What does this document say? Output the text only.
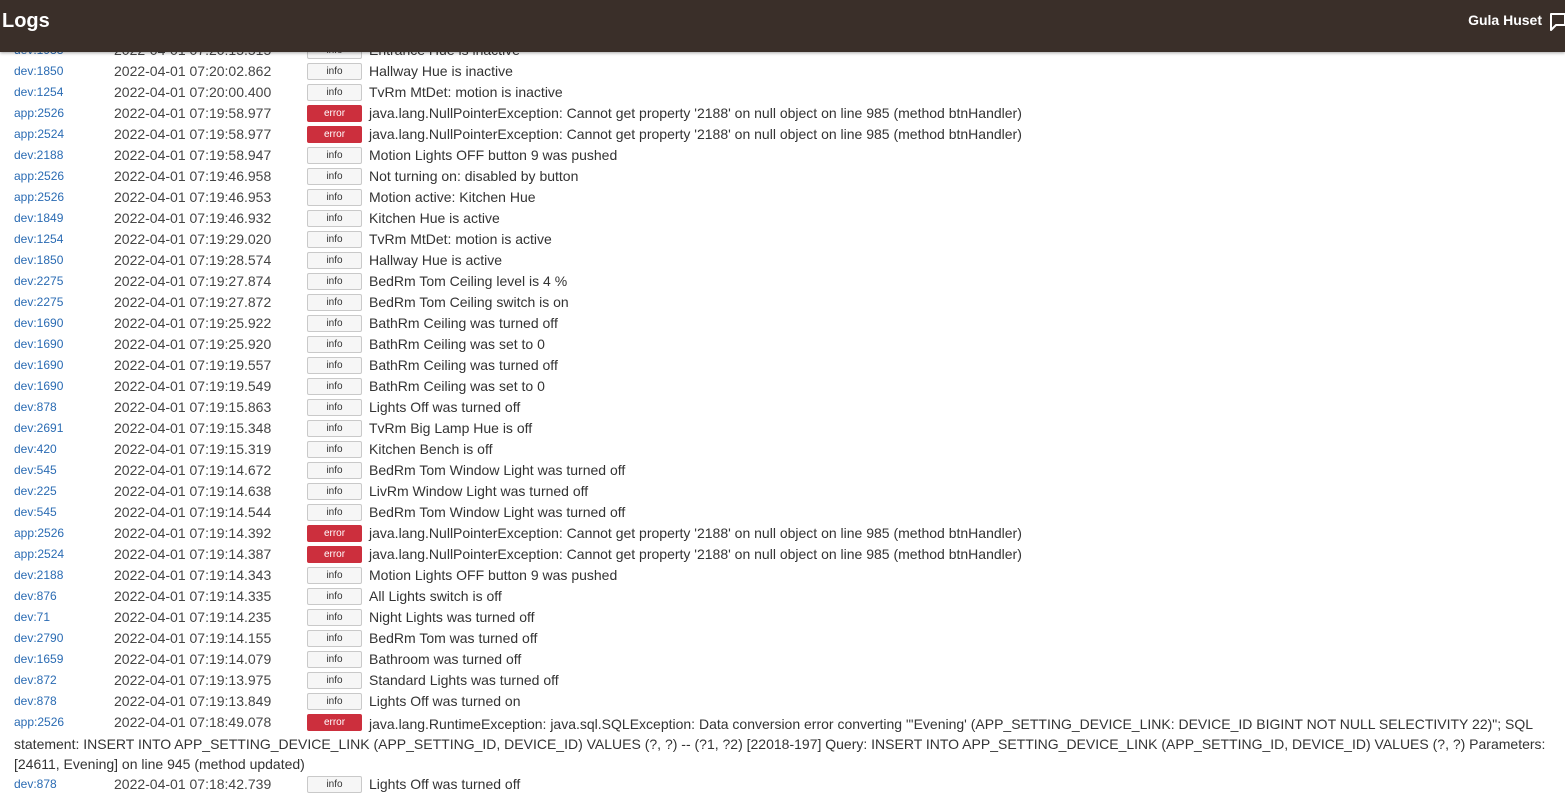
Logs	Gula Huset
dev:1850	2022-04-01 07:20:02.862	info	Hallway Hue is inactive
dev:1254	2022-04-01 07:20:00.400	info	TvRm MtDet: motion is inactive
app:2526	2022-04-01 07:19:58.977	error	java.lang.NullPointerException: Cannot get property '2188' on null object on line 985 (method btnHandler)
app:2524	2022-04-01 07:19:58.977	error	java.lang.NullPointerException: Cannot get property '2188' on null object on line 985 (method btnHandler)
dev:2188	2022-04-01 07:19:58.947	info	Motion Lights OFF button 9 was pushed
app:2526	2022-04-01 07:19:46.958	info	Not turning on: disabled by button
app:2526	2022-04-01 07:19:46.953	info	Motion active: Kitchen Hue
dev:1849	2022-04-01 07:19:46.932	info	Kitchen Hue is active
dev:1254	2022-04-01 07:19:29.020	info	TvRm MtDet: motion is active
dev:1850	2022-04-01 07:19:28.574	info	Hallway Hue is active
dev:2275	2022-04-01 07:19:27.874	info	BedRm Tom Ceiling level is 4 %
dev:2275	2022-04-01 07:19:27.872	info	BedRm Tom Ceiling switch is on
dev:1690	2022-04-01 07:19:25.922	info	BathRm Ceiling was turned off
dev:1690	2022-04-01 07:19:25.920	info	BathRm Ceiling was set to 0
dev:1690	2022-04-01 07:19:19.557	info	BathRm Ceiling was turned off
dev:1690	2022-04-01 07:19:19.549	info	BathRm Ceiling was set to 0
dev:878	2022-04-01 07:19:15.863	info	Lights Off was turned off
dev:2691	2022-04-01 07:19:15.348	info	TvRm Big Lamp Hue is off
dev:420	2022-04-01 07:19:15.319	info	Kitchen Bench is off
dev:545	2022-04-01 07:19:14.672	info	BedRm Tom Window Light was turned off
dev:225	2022-04-01 07:19:14.638	info	LivRm Window Light was turned off
dev:545	2022-04-01 07:19:14.544	info	BedRm Tom Window Light was turned off
app:2526	2022-04-01 07:19:14.392	error	java.lang.NullPointerException: Cannot get property '2188' on null object on line 985 (method btnHandler)
app:2524	2022-04-01 07:19:14.387	error	java.lang.NullPointerException: Cannot get property '2188' on null object on line 985 (method btnHandler)
dev:2188	2022-04-01 07:19:14.343	info	Motion Lights OFF button 9 was pushed
dev:876	2022-04-01 07:19:14.335	info	All Lights switch is off
dev:71	2022-04-01 07:19:14.235	info	Night Lights was turned off
dev:2790	2022-04-01 07:19:14.155	info	BedRm Tom was turned off
dev:1659	2022-04-01 07:19:14.079	info	Bathroom was turned off
dev:872	2022-04-01 07:19:13.975	info	Standard Lights was turned off
dev:878	2022-04-01 07:19:13.849	info	Lights Off was turned on
app:2526	2022-04-01 07:18:49.078	error	java.lang.RuntimeException: java.sql.SQLException: Data conversion error converting "'Evening' (APP_SETTING_DEVICE_LINK: DEVICE_ID BIGINT NOT NULL SELECTIVITY 22)"; SQL statement: INSERT INTO APP_SETTING_DEVICE_LINK (APP_SETTING_ID, DEVICE_ID) VALUES (?, ?) -- (?1, ?2) [22018-197] Query: INSERT INTO APP_SETTING_DEVICE_LINK (APP_SETTING_ID, DEVICE_ID) VALUES (?, ?) Parameters: [24611, Evening] on line 945 (method updated)
dev:878	2022-04-01 07:18:42.739	info	Lights Off was turned off
